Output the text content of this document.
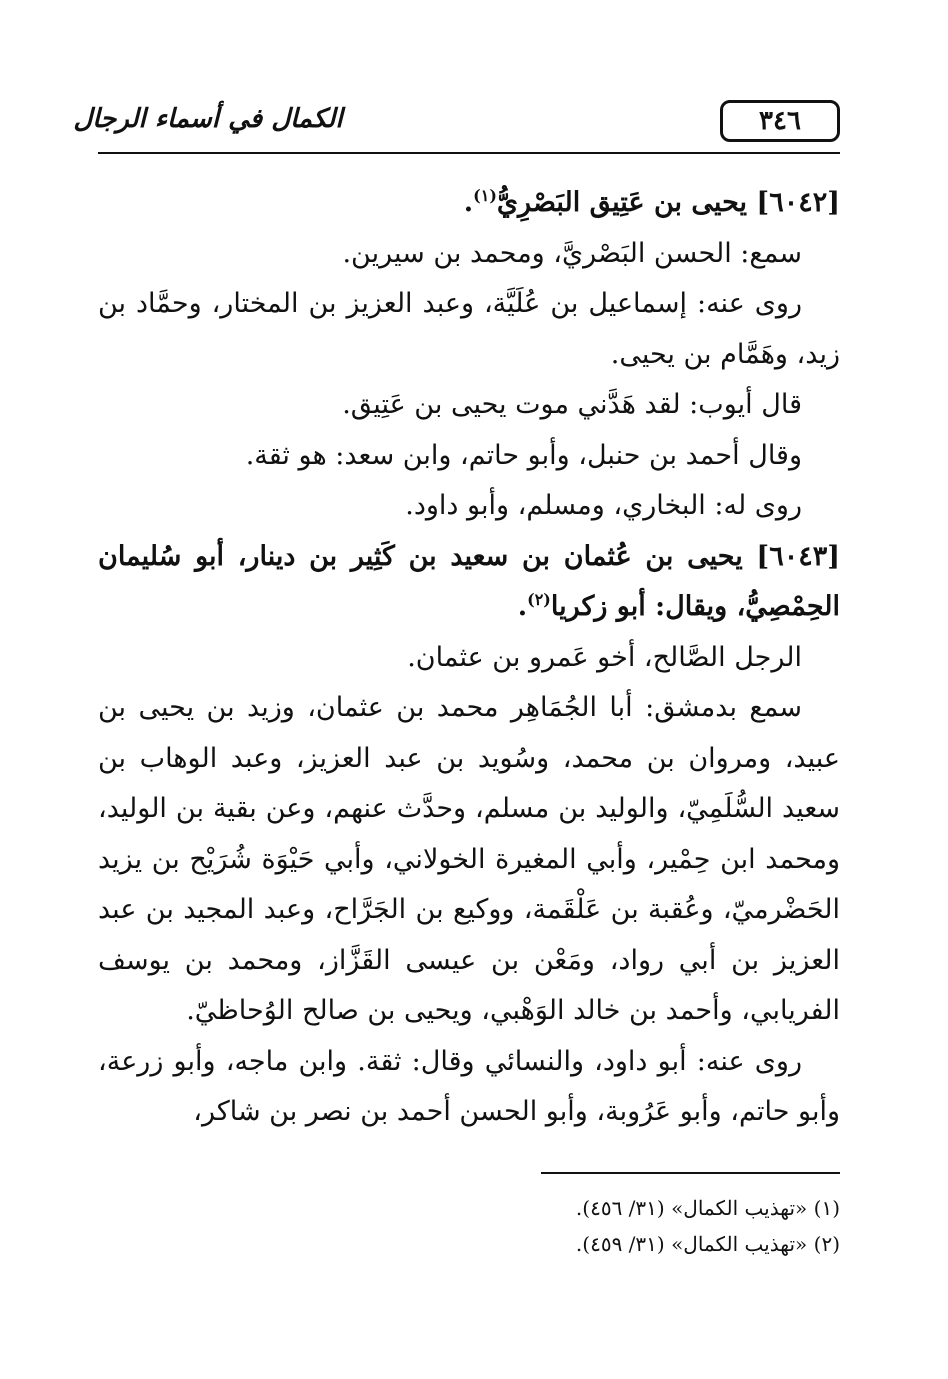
٣٤٦
الكمال في أسماء الرجال

[٦٠٤٢] يحيى بن عَتِيق البَصْرِيُّ$^{(١)}$.

سمع: الحسن البَصْريَّ، ومحمد بن سيرين.

روى عنه: إسماعيل بن عُلَيَّة، وعبد العزيز بن المختار، وحمَّاد بن زيد، وهَمَّام بن يحيى.

قال أيوب: لقد هَدَّني موت يحيى بن عَتِيق.

وقال أحمد بن حنبل، وأبو حاتم، وابن سعد: هو ثقة.

روى له: البخاري، ومسلم، وأبو داود.

[٦٠٤٣] يحيى بن عُثمان بن سعيد بن كَثِير بن دينار، أبو سُليمان الحِمْصِيُّ، ويقال: أبو زكريا$^{(٢)}$.

الرجل الصَّالح، أخو عَمرو بن عثمان.

سمع بدمشق: أبا الجُمَاهِر محمد بن عثمان، وزيد بن يحيى بن عبيد، ومروان بن محمد، وسُويد بن عبد العزيز، وعبد الوهاب بن سعيد السُّلَمِيّ، والوليد بن مسلم، وحدَّث عنهم، وعن بقية بن الوليد، ومحمد ابن حِمْير، وأبي المغيرة الخولاني، وأبي حَيْوَة شُرَيْح بن يزيد الحَضْرميّ، وعُقبة بن عَلْقَمة، ووكيع بن الجَرَّاح، وعبد المجيد بن عبد العزيز بن أبي رواد، ومَعْن بن عيسى القَزَّاز، ومحمد بن يوسف الفريابي، وأحمد بن خالد الوَهْبي، ويحيى بن صالح الوُحاظيّ.

روى عنه: أبو داود، والنسائي وقال: ثقة. وابن ماجه، وأبو زرعة، وأبو حاتم، وأبو عَرُوبة، وأبو الحسن أحمد بن نصر بن شاكر،

(١) «تهذيب الكمال» (٣١/ ٤٥٦).

(٢) «تهذيب الكمال» (٣١/ ٤٥٩).
